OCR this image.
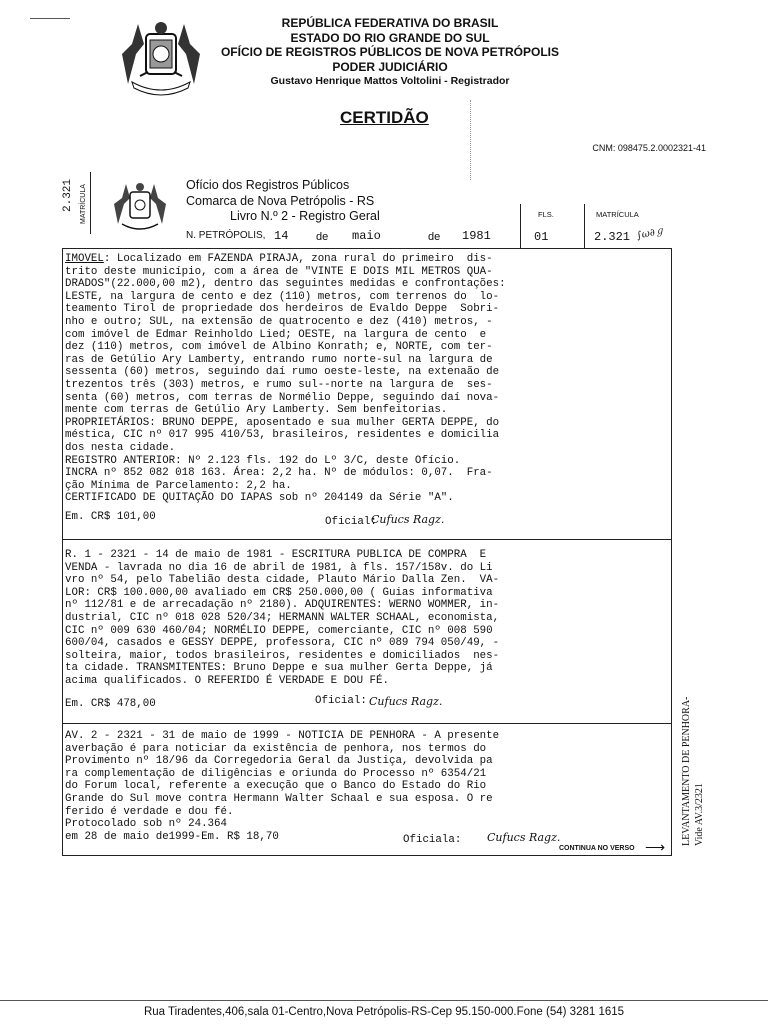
REPÚBLICA FEDERATIVA DO BRASIL
ESTADO DO RIO GRANDE DO SUL
OFÍCIO DE REGISTROS PÚBLICOS DE NOVA PETRÓPOLIS
PODER JUDICIÁRIO
Gustavo Henrique Mattos Voltolini - Registrador
CERTIDÃO
CNM: 098475.2.0002321-41
2.321 MATRÍCULA	Ofício dos Registros Públicos
Comarca de Nova Petrópolis - RS
Livro N.º 2 - Registro Geral
N. PETRÓPOLIS, 14	de maio	de 1981
FLS.	MATRÍCULA
01	2.321 ∫ω∂ℊ
IMÓVEL: Localizado em FAZENDA PIRAJÁ, zona rural do primeiro  dis-
trito deste município, com a área de "VINTE E DOIS MIL METROS QUA-
DRADOS"(22.000,00 m2), dentro das seguintes medidas e confrontações:
LESTE, na largura de cento e dez (110) metros, com terrenos do  lo-
teamento Tirol de propriedade dos herdeiros de Evaldo Deppe  Sobri-
nho e outro; SUL, na extensão de quatrocento e dez (410) metros, -
com imóvel de Edmar Reinholdo Lied; OESTE, na largura de cento  e
dez (110) metros, com imóvel de Albino Konrath; e, NORTE, com ter-
ras de Getúlio Ary Lamberty, entrando rumo norte-sul na largura de
sessenta (60) metros, seguindo daí rumo oeste-leste, na extenaão de
trezentos três (303) metros, e rumo sul--norte na largura de  ses-
senta (60) metros, com terras de Normélio Deppe, seguindo daí nova-
mente com terras de Getúlio Ary Lamberty. Sem benfeitorias.
PROPRIETÁRIOS: BRUNO DEPPE, aposentado e sua mulher GERTA DEPPE, do
méstica, CIC nº 017 995 410/53, brasileiros, residentes e domicilia
dos nesta cidade.
REGISTRO ANTERIOR: Nº 2.123 fls. 192 do Lº 3/C, deste Ofício.
INCRA nº 852 082 018 163. Área: 2,2 ha. Nº de módulos: 0,07.  Fra-
ção Mínima de Parcelamento: 2,2 ha.
CERTIFICADO DE QUITAÇÃO DO IAPAS sob nº 204149 da Série "A".
Em. CR$ 101,00	Oficial:
Cufucs Ragz.
R. 1 - 2321 - 14 de maio de 1981 - ESCRITURA PÚBLICA DE COMPRA  E
VENDA - lavrada no dia 16 de abril de 1981, à fls. 157/158v. do Li
vro nº 54, pelo Tabelião desta cidade, Plauto Mário Dalla Zen.  VA-
LOR: CR$ 100.000,00 avaliado em CR$ 250.000,00 ( Guias informativa
nº 112/81 e de arrecadação nº 2180). ADQUIRENTES: WERNO WOMMER, in-
dustrial, CIC nº 018 028 520/34; HERMANN WALTER SCHAAL, economista,
CIC nº 009 630 460/04; NORMÉLIO DEPPE, comerciante, CIC nº 008 590
600/04, casados e GESSY DEPPE, professora, CIC nº 089 794 050/49, -
solteira, maior, todos brasileiros, residentes e domiciliados  nes-
ta cidade. TRANSMITENTES: Bruno Deppe e sua mulher Gerta Deppe, já
acima qualificados. O REFERIDO É VERDADE E DOU FÉ.
Em. CR$ 478,00	Oficial: Cufucs Ragz.
AV. 2 - 2321 - 31 de maio de 1999 - NOTÍCIA DE PENHORA - A presente
averbação é para noticiar da existência de penhora, nos termos do
Provimento nº 18/96 da Corregedoria Geral da Justiça, devolvida pa
ra complementação de diligências e oriunda do Processo nº 6354/21
do Forum local, referente a execução que o Banco do Estado do Rio
Grande do Sul move contra Hermann Walter Schaal e sua esposa. O re
ferido é verdade e dou fé.
Protocolado sob nº 24.364
em 28 de maio de1999-Em. R$ 18,70	Oficiala:	Cufucs Ragz.
CONTINUA NO VERSO ⟶
LEVANTAMENTO DE PENHORA-Vide AV.3/2321
Rua Tiradentes,406,sala 01-Centro,Nova Petrópolis-RS-Cep 95.150-000.Fone (54) 3281 1615
